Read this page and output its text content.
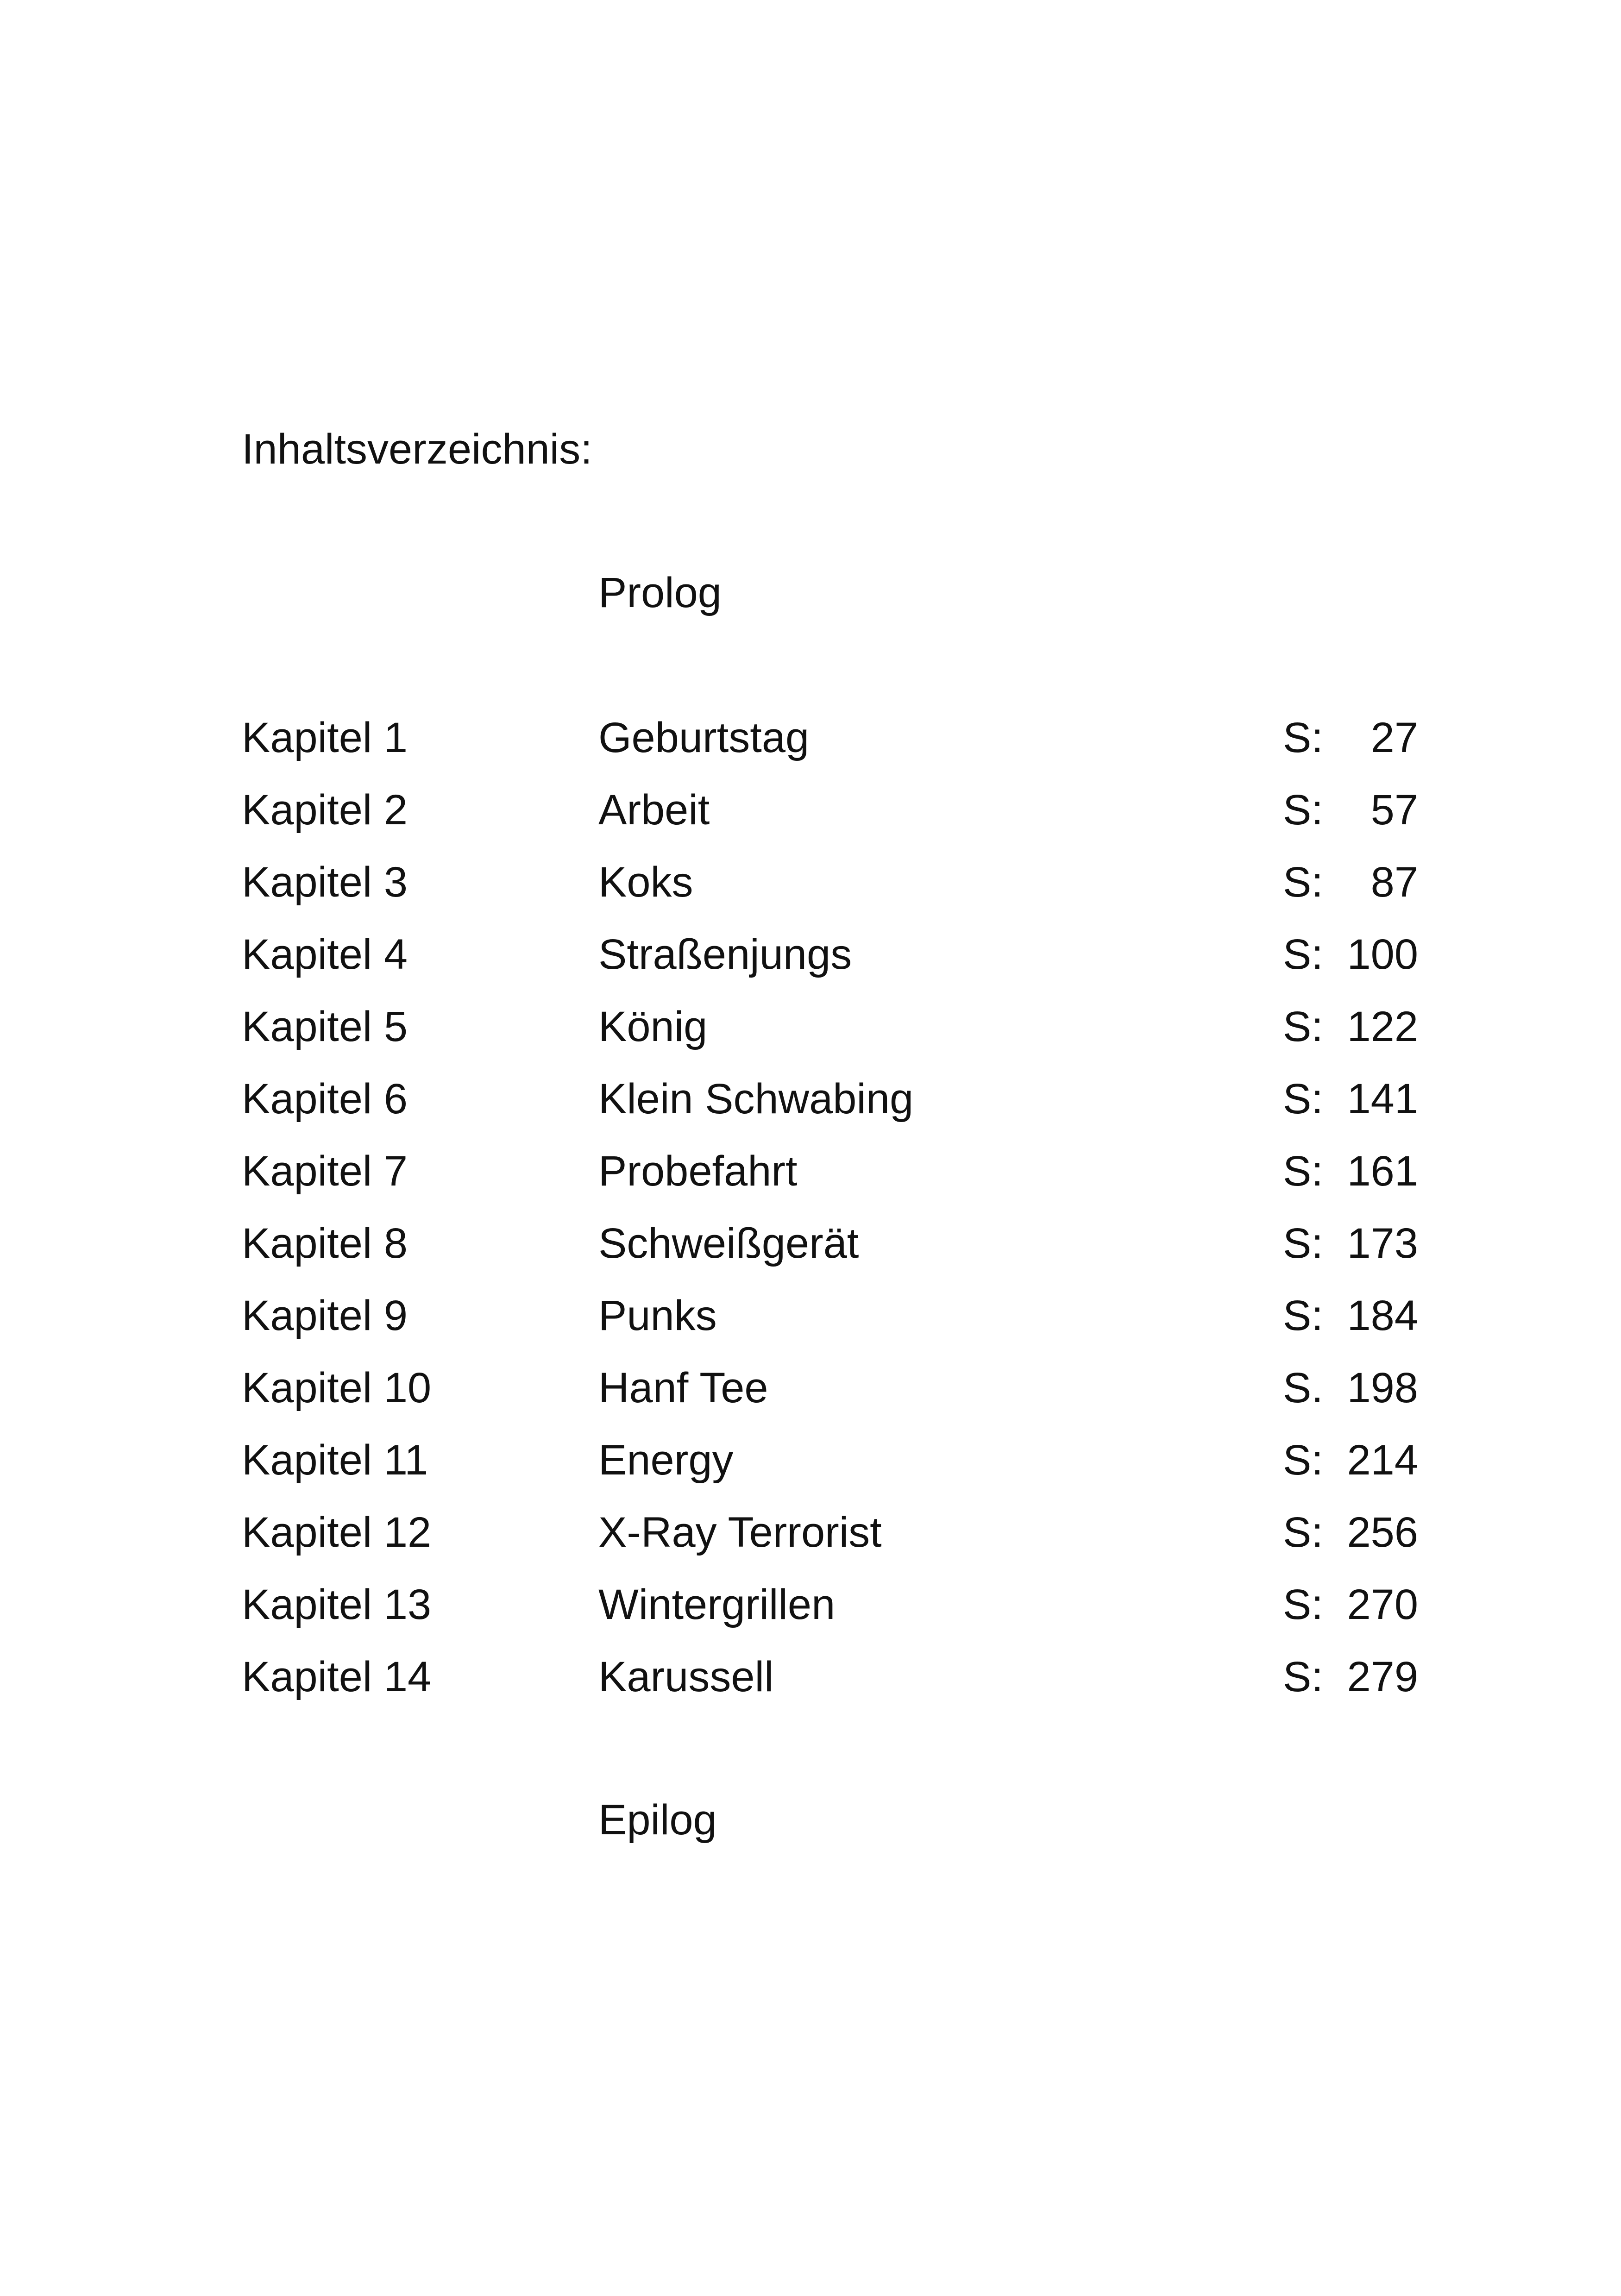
Inhaltsverzeichnis:
Prolog
Kapitel 1	Geburtstag	S: 27
Kapitel 2	Arbeit	S: 57
Kapitel 3	Koks	S: 87
Kapitel 4	Straßenjungs	S: 100
Kapitel 5	König	S: 122
Kapitel 6	Klein Schwabing	S: 141
Kapitel 7	Probefahrt	S: 161
Kapitel 8	Schweißgerät	S: 173
Kapitel 9	Punks	S: 184
Kapitel 10	Hanf Tee	S. 198
Kapitel 11	Energy	S: 214
Kapitel 12	X-Ray Terrorist	S: 256
Kapitel 13	Wintergrillen	S: 270
Kapitel 14	Karussell	S: 279
Epilog
